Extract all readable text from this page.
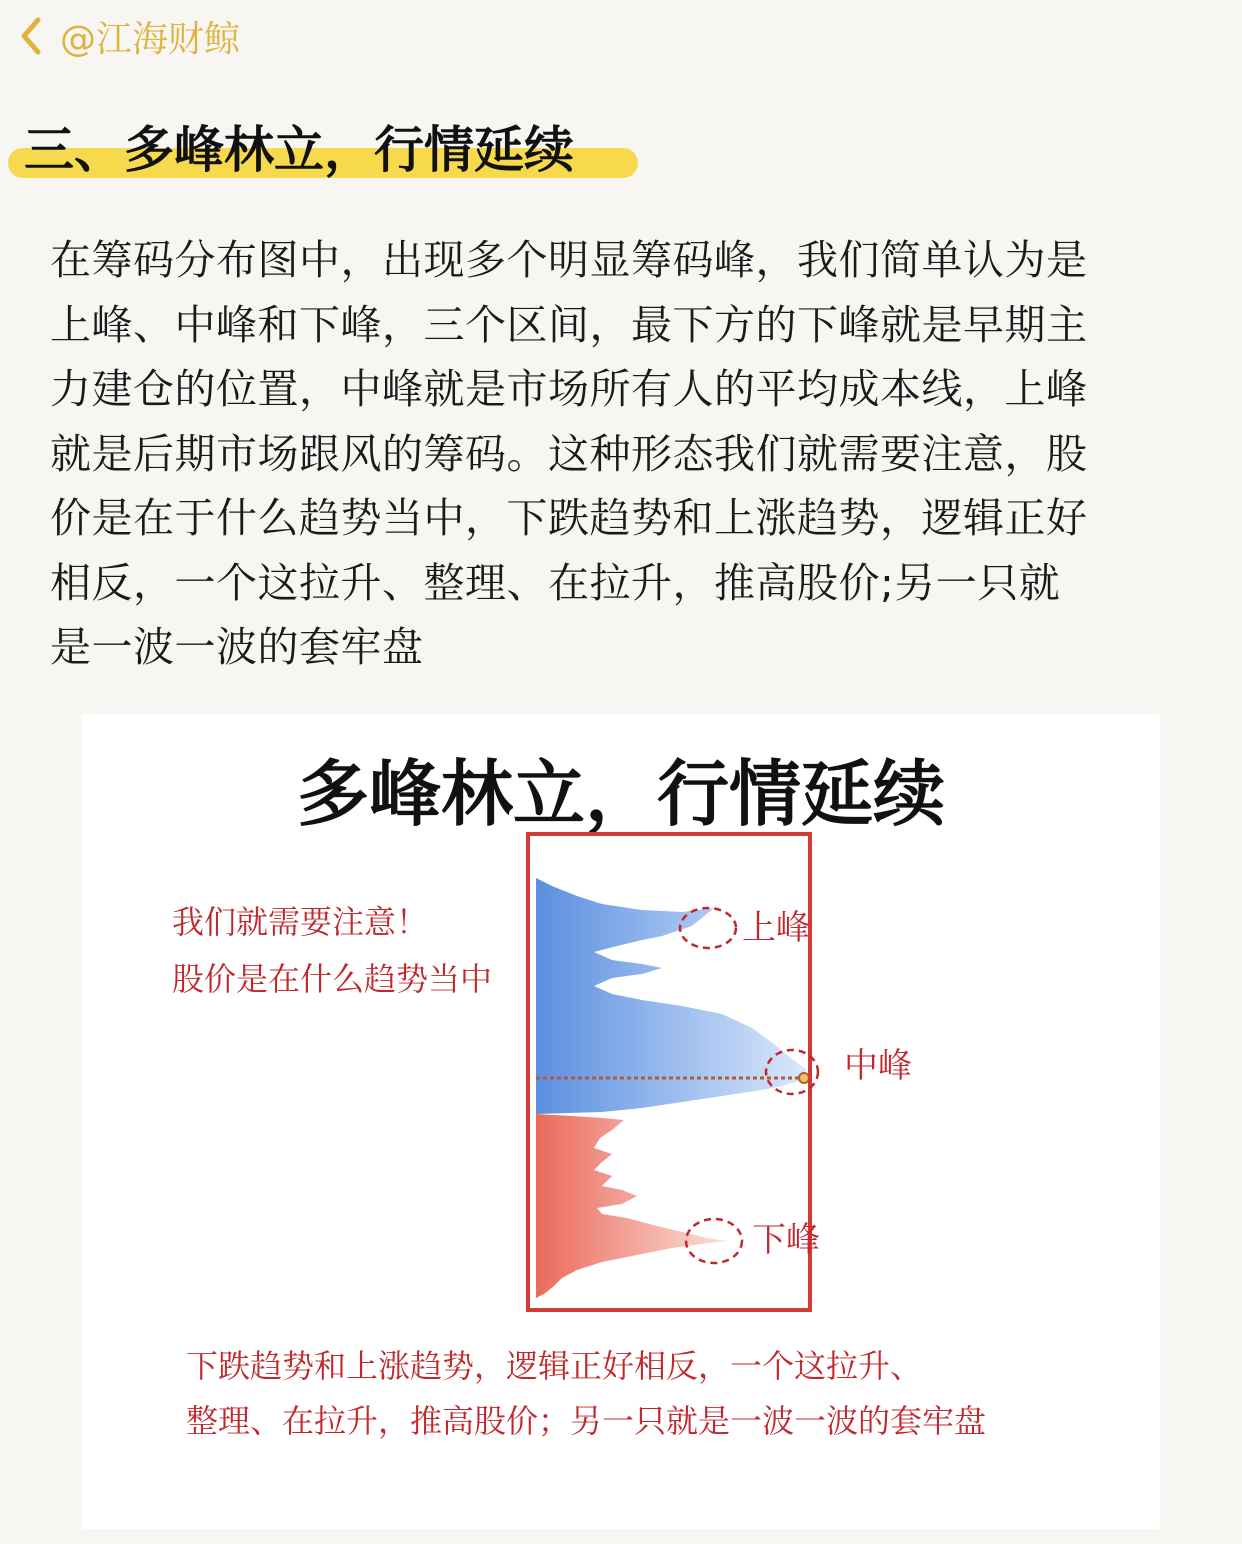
@江海财鲸
三、多峰林立，行情延续
在筹码分布图中，出现多个明显筹码峰，我们简单认为是
上峰、中峰和下峰，三个区间，最下方的下峰就是早期主
力建仓的位置，中峰就是市场所有人的平均成本线，上峰
就是后期市场跟风的筹码。这种形态我们就需要注意，股
价是在于什么趋势当中，下跌趋势和上涨趋势，逻辑正好
相反，一个这拉升、整理、在拉升，推高股价;另一只就
是一波一波的套牢盘
多峰林立，行情延续
我们就需要注意！
股价是在什么趋势当中
上峰
中峰
下峰
下跌趋势和上涨趋势，逻辑正好相反，一个这拉升、
整理、在拉升，推高股价；另一只就是一波一波的套牢盘
